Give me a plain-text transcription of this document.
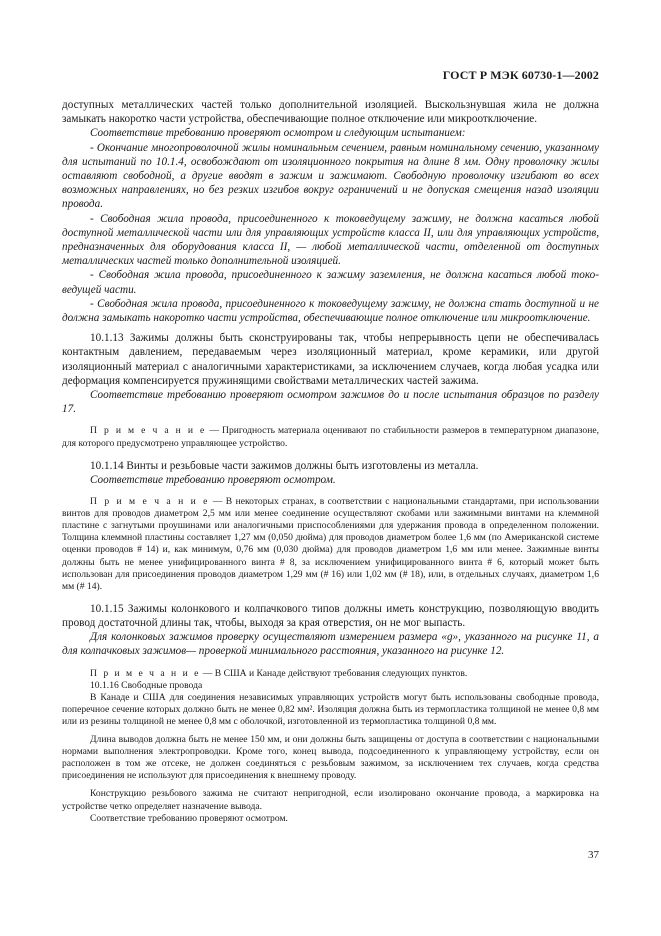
ГОСТ Р МЭК 60730-1—2002

доступных металлических частей только дополнительной изоляцией. Выскользнувшая жила не должна замыкать накоротко части устройства, обеспечивающие полное отключение или микроотключение.

Соответствие требованию проверяют осмотром и следующим испытанием:

- Окончание многопроволочной жилы номинальным сечением, равным номинальному сечению, указанному для испытаний по 10.1.4, освобождают от изоляционного покрытия на длине 8 мм. Одну проволочку жилы оставляют свободной, а другие вводят в зажим и зажимают. Свободную проволочку изгибают во всех возможных направлениях, но без резких изгибов вокруг ограничений и не допуская смещения назад изоляции провода.

- Свободная жила провода, присоединенного к токоведущему зажиму, не должна касаться любой доступной металлической части или для управляющих устройств класса II, или для управляющих устройств, предназначенных для оборудования класса II, — любой металлической части, отделенной от доступных металлических частей только дополнительной изоляцией.

- Свободная жила провода, присоединенного к зажиму заземления, не должна касаться любой токоведущей части.

- Свободная жила провода, присоединенного к токоведущему зажиму, не должна стать доступной и не должна замыкать накоротко части устройства, обеспечивающие полное отключение или микроотключение.

10.1.13 Зажимы должны быть сконструированы так, чтобы непрерывность цепи не обеспечивалась контактным давлением, передаваемым через изоляционный материал, кроме керамики, или другой изоляционный материал с аналогичными характеристиками, за исключением случаев, когда любая усадка или деформация компенсируется пружинящими свойствами металлических частей зажима.

Соответствие требованию проверяют осмотром зажимов до и после испытания образцов по разделу 17.

П р и м е ч а н и е — Пригодность материала оценивают по стабильности размеров в температурном диапазоне, для которого предусмотрено управляющее устройство.

10.1.14 Винты и резьбовые части зажимов должны быть изготовлены из металла.

Соответствие требованию проверяют осмотром.

П р и м е ч а н и е — В некоторых странах, в соответствии с национальными стандартами, при использовании винтов для проводов диаметром 2,5 мм или менее соединение осуществляют скобами или зажимными винтами на клеммной пластине с загнутыми проушинами или аналогичными приспособлениями для удержания провода в определенном положении. Толщина клеммной пластины составляет 1,27 мм (0,050 дюйма) для проводов диаметром более 1,6 мм (по Американской системе оценки проводов # 14) и, как минимум, 0,76 мм (0,030 дюйма) для проводов диаметром 1,6 мм или менее. Зажимные винты должны быть не менее унифицированного винта # 8, за исключением унифицированного винта # 6, который может быть использован для присоединения проводов диаметром 1,29 мм (# 16) или 1,02 мм (# 18), или, в отдельных случаях, диаметром 1,6 мм (# 14).

10.1.15 Зажимы колонкового и колпачкового типов должны иметь конструкцию, позволяющую вводить провод достаточной длины так, чтобы, выходя за края отверстия, он не мог выпасть.

Для колонковых зажимов проверку осуществляют измерением размера «g», указанного на рисунке 11, а для колпачковых зажимов— проверкой минимального расстояния, указанного на рисунке 12.

П р и м е ч а н и е — В США и Канаде действуют требования следующих пунктов.

10.1.16 Свободные провода

В Канаде и США для соединения независимых управляющих устройств могут быть использованы свободные провода, поперечное сечение которых должно быть не менее 0,82 мм². Изоляция должна быть из термопластика толщиной не менее 0,8 мм или из резины толщиной не менее 0,8 мм с оболочкой, изготовленной из термопластика толщиной 0,8 мм.

Длина выводов должна быть не менее 150 мм, и они должны быть защищены от доступа в соответствии с национальными нормами выполнения электропроводки. Кроме того, конец вывода, подсоединенного к управляющему устройству, если он расположен в том же отсеке, не должен соединяться с резьбовым зажимом, за исключением тех случаев, когда средства присоединения не используют для присоединения к внешнему проводу.

Конструкцию резьбового зажима не считают непригодной, если изолировано окончание провода, а маркировка на устройстве четко определяет назначение вывода.

Соответствие требованию проверяют осмотром.

37
